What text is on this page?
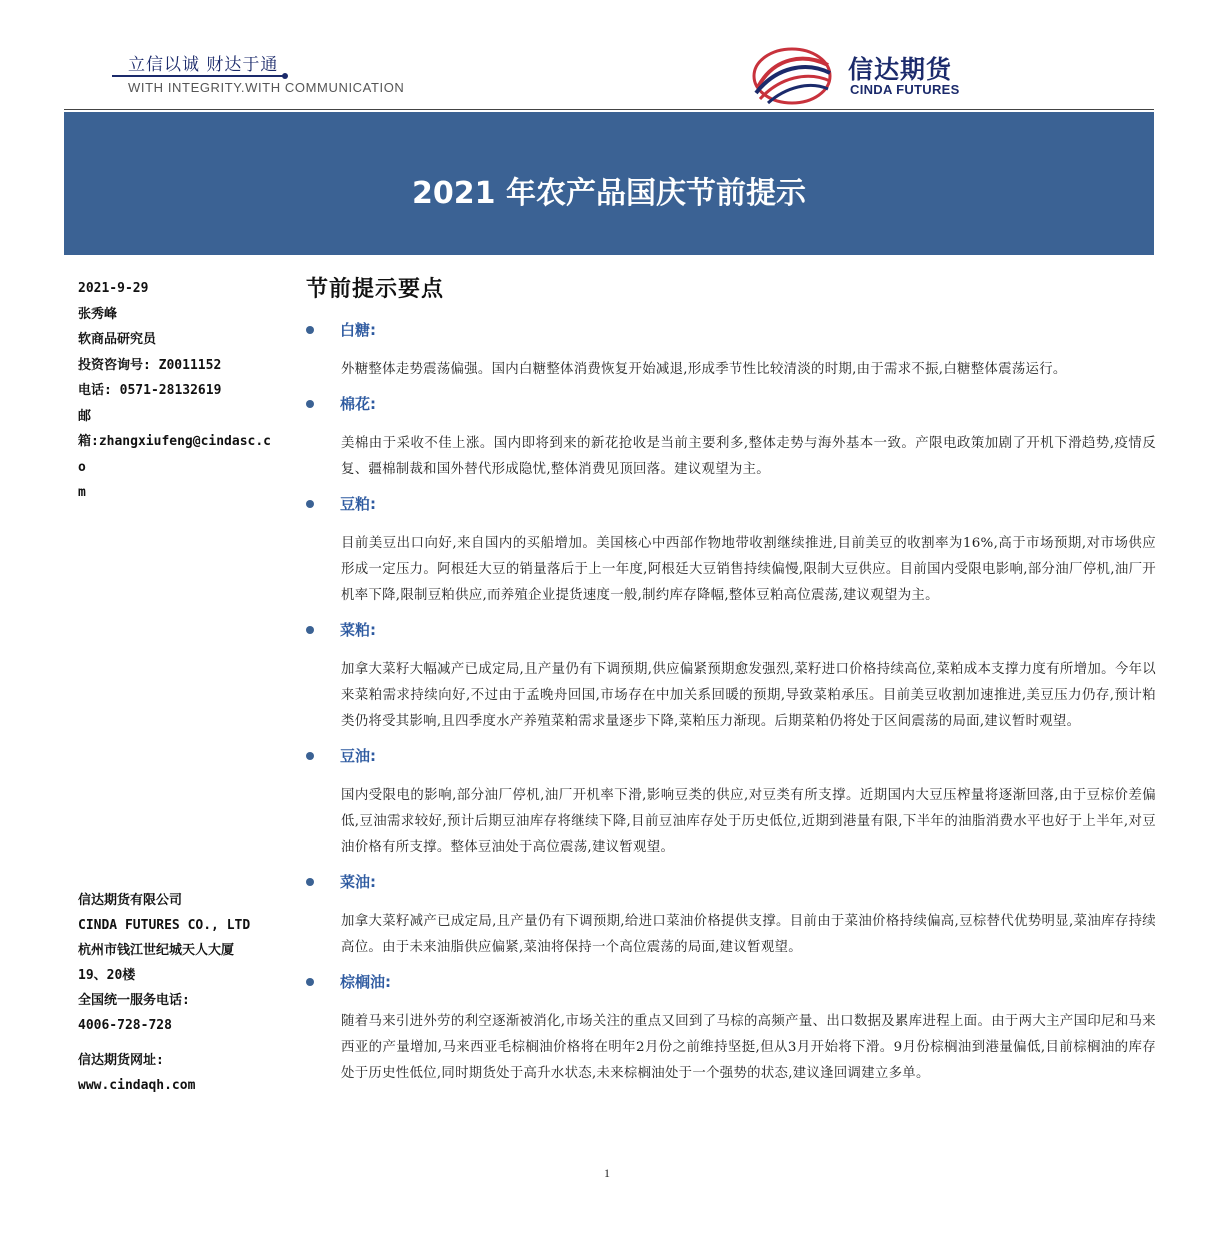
立信以诚 财达于通
WITH INTEGRITY.WITH COMMUNICATION
信达期货
CINDA FUTURES
2021 年农产品国庆节前提示
2021-9-29
张秀峰
软商品研究员
投资咨询号: Z0011152
电话: 0571-28132619
邮
箱:zhangxiufeng@cindasc.co
m
信达期货有限公司
CINDA FUTURES CO., LTD
杭州市钱江世纪城天人大厦
19、20楼
全国统一服务电话:
4006-728-728
信达期货网址:
www.cindaqh.com
节前提示要点
白糖:

外糖整体走势震荡偏强。国内白糖整体消费恢复开始减退,形成季节性比较清淡的时期,由于需求不振,白糖整体震荡运行。

棉花:

美棉由于采收不佳上涨。国内即将到来的新花抢收是当前主要利多,整体走势与海外基本一致。产限电政策加剧了开机下滑趋势,疫情反复、疆棉制裁和国外替代形成隐忧,整体消费见顶回落。建议观望为主。

豆粕:

目前美豆出口向好,来自国内的买船增加。美国核心中西部作物地带收割继续推进,目前美豆的收割率为16%,高于市场预期,对市场供应形成一定压力。阿根廷大豆的销量落后于上一年度,阿根廷大豆销售持续偏慢,限制大豆供应。目前国内受限电影响,部分油厂停机,油厂开机率下降,限制豆粕供应,而养殖企业提货速度一般,制约库存降幅,整体豆粕高位震荡,建议观望为主。

菜粕:

加拿大菜籽大幅减产已成定局,且产量仍有下调预期,供应偏紧预期愈发强烈,菜籽进口价格持续高位,菜粕成本支撑力度有所增加。今年以来菜粕需求持续向好,不过由于孟晚舟回国,市场存在中加关系回暖的预期,导致菜粕承压。目前美豆收割加速推进,美豆压力仍存,预计粕类仍将受其影响,且四季度水产养殖菜粕需求量逐步下降,菜粕压力渐现。后期菜粕仍将处于区间震荡的局面,建议暂时观望。

豆油:

国内受限电的影响,部分油厂停机,油厂开机率下滑,影响豆类的供应,对豆类有所支撑。近期国内大豆压榨量将逐渐回落,由于豆棕价差偏低,豆油需求较好,预计后期豆油库存将继续下降,目前豆油库存处于历史低位,近期到港量有限,下半年的油脂消费水平也好于上半年,对豆油价格有所支撑。整体豆油处于高位震荡,建议暂观望。

菜油:

加拿大菜籽减产已成定局,且产量仍有下调预期,给进口菜油价格提供支撑。目前由于菜油价格持续偏高,豆棕替代优势明显,菜油库存持续高位。由于未来油脂供应偏紧,菜油将保持一个高位震荡的局面,建议暂观望。

棕榈油:

随着马来引进外劳的利空逐渐被消化,市场关注的重点又回到了马棕的高频产量、出口数据及累库进程上面。由于两大主产国印尼和马来西亚的产量增加,马来西亚毛棕榈油价格将在明年2月份之前维持坚挺,但从3月开始将下滑。9月份棕榈油到港量偏低,目前棕榈油的库存处于历史性低位,同时期货处于高升水状态,未来棕榈油处于一个强势的状态,建议逢回调建立多单。

1
